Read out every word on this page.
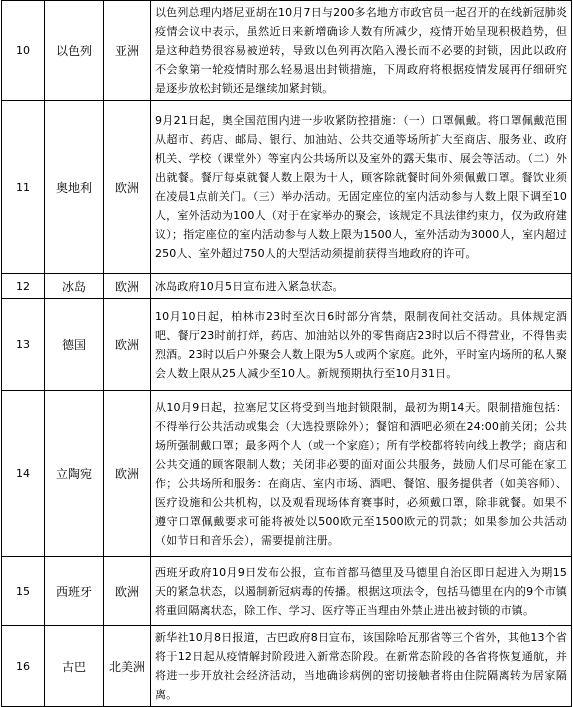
10	以色列	亚洲	以色列总理内塔尼亚胡在10月7日与200多名地方市政官员一起召开的在线新冠肺炎疫情会议中表示，虽然近日来新增确诊人数有所减少，疫情开始呈现积极趋势，但是这种趋势很容易被逆转，导致以色列再次陷入漫长而不必要的封锁，因此以政府不会象第一轮疫情时那么轻易退出封锁措施，下周政府将根据疫情发展再仔细研究是逐步放松封锁还是继续加紧封锁。
11	奥地利	欧洲	9月21日起，奥全国范围内进一步收紧防控措施：（一）口罩佩戴。将口罩佩戴范围从超市、药店、邮局、银行、加油站、公共交通等场所扩大至商店、服务业、政府机关、学校（课堂外）等室内公共场所以及室外的露天集市、展会等活动。（二）外出就餐。餐厅每桌就餐人数上限为十人，顾客除就餐时间外须佩戴口罩。餐饮业须在凌晨1点前关门。（三）举办活动。无固定座位的室内活动参与人数上限下调至10人，室外活动为100人（对于在家举办的聚会，该规定不具法律约束力，仅为政府建议）；指定座位的室内活动参与人数上限为1500人，室外活动为3000人，室内超过250人、室外超过750人的大型活动须提前获得当地政府的许可。
12	冰岛	欧洲	冰岛政府10月5日宣布进入紧急状态。
13	德国	欧洲	10月10日起，柏林市23时至次日6时部分宵禁，限制夜间社交活动。具体规定酒吧、餐厅23时前打烊，药店、加油站以外的零售商店23时以后不得营业，不得售卖烈酒。23时以后户外聚会人数上限为5人或两个家庭。此外，平时室内场所的私人聚会人数上限从25人减少至10人。新规预期执行至10月31日。
14	立陶宛	欧洲	从10月9日起，拉塞尼艾区将受到当地封锁限制，最初为期14天。限制措施包括：不得举行公共活动或集会（大选投票除外）；餐馆和酒吧必须在24:00前关闭；公共场所强制戴口罩；最多两个人（或一个家庭）；所有学校都将转向线上教学；商店和公共交通的顾客限制人数；关闭非必要的面对面公共服务，鼓励人们尽可能在家工作；公共场所和服务：在商店、室内市场、酒吧、餐馆、服务提供者（如美容师）、医疗设施和公共机构，以及观看现场体育赛事时，必须戴口罩，除非就餐。如果不遵守口罩佩戴要求可能将被处以500欧元至1500欧元的罚款；如果参加公共活动（如节日和音乐会），需要提前注册。
15	西班牙	欧洲	西班牙政府10月9日发布公报，宣布首都马德里及马德里自治区即日起进入为期15天的紧急状态，以遏制新冠病毒的传播。根据这项法令，包括马德里在内的9个市镇将重回隔离状态，除工作、学习、医疗等正当理由外禁止进出被封锁的市镇。
16	古巴	北美洲	新华社10月8日报道，古巴政府8日宣布，该国除哈瓦那省等三个省外，其他13个省将于12日起从疫情解封阶段进入新常态阶段。在新常态阶段的各省将恢复通航，并将进一步开放社会经济活动，当地确诊病例的密切接触者将由住院隔离转为居家隔离。
